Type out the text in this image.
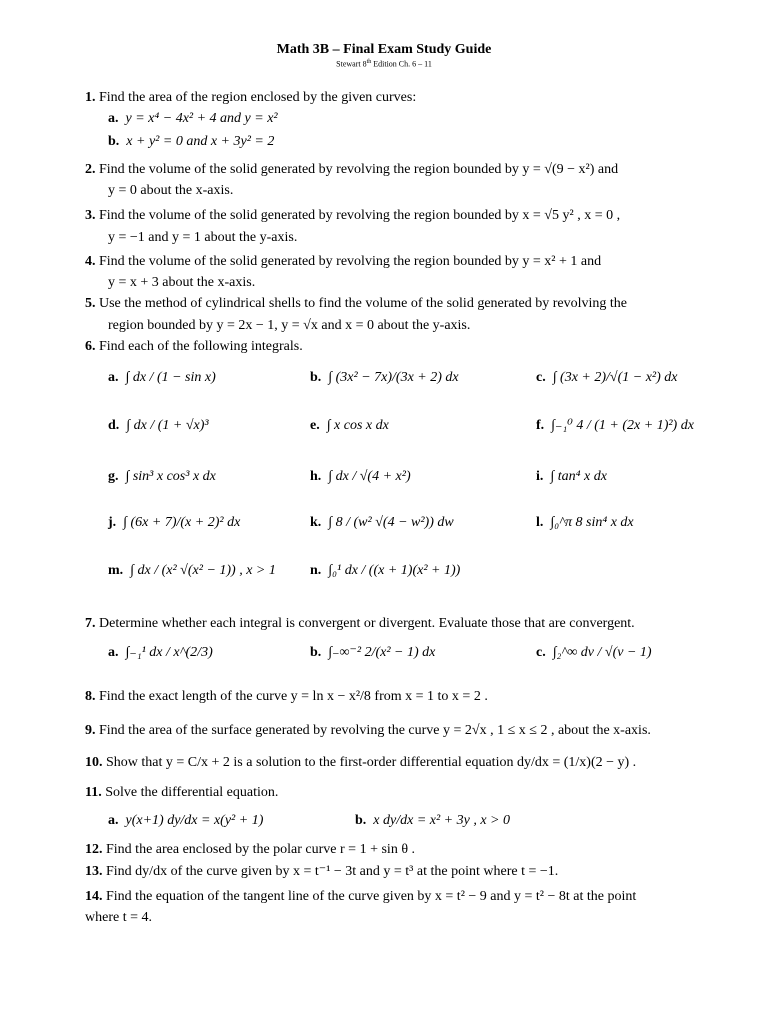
Math 3B – Final Exam Study Guide
Stewart 8th Edition Ch. 6 – 11
1. Find the area of the region enclosed by the given curves:
a. y = x⁴ − 4x² + 4 and y = x²
b. x + y² = 0 and x + 3y² = 2
2. Find the volume of the solid generated by revolving the region bounded by y = √(9 − x²) and
y = 0 about the x-axis.
3. Find the volume of the solid generated by revolving the region bounded by x = √5 y² , x = 0 ,
y = −1 and y = 1 about the y-axis.
4. Find the volume of the solid generated by revolving the region bounded by y = x² + 1 and
y = x + 3 about the x-axis.
5. Use the method of cylindrical shells to find the volume of the solid generated by revolving the
region bounded by y = 2x − 1, y = √x and x = 0 about the y-axis.
6. Find each of the following integrals.
a. ∫ dx / (1 − sin x)	b. ∫ (3x² − 7x)/(3x + 2) dx	c. ∫ (3x + 2)/√(1 − x²) dx
d. ∫ dx / (1 + √x)³	e. ∫ x cos x dx	f. ∫₋₁⁰ 4 / (1 + (2x + 1)²) dx
g. ∫ sin³ x cos³ x dx	h. ∫ dx / √(4 + x²)	i. ∫ tan⁴ x dx
j. ∫ (6x + 7)/(x + 2)² dx	k. ∫ 8 / (w² √(4 − w²)) dw	l. ∫₀^π 8 sin⁴ x dx
m. ∫ dx / (x² √(x² − 1)) , x > 1 n. ∫₀¹ dx / ((x + 1)(x² + 1))
7. Determine whether each integral is convergent or divergent. Evaluate those that are convergent.
a. ∫₋₁¹ dx / x^(2/3)	b. ∫₋∞⁻² 2/(x² − 1) dx	c. ∫₂^∞ dv / √(v − 1)
8. Find the exact length of the curve y = ln x − x²/8 from x = 1 to x = 2 .
9. Find the area of the surface generated by revolving the curve y = 2√x , 1 ≤ x ≤ 2 , about the x-axis.
10. Show that y = C/x + 2 is a solution to the first-order differential equation dy/dx = (1/x)(2 − y) .
11. Solve the differential equation.
a. y(x+1) dy/dx = x(y² + 1)	b. x dy/dx = x² + 3y , x > 0
12. Find the area enclosed by the polar curve r = 1 + sin θ .
13. Find dy/dx of the curve given by x = t⁻¹ − 3t and y = t³ at the point where t = −1.
14. Find the equation of the tangent line of the curve given by x = t² − 9 and y = t² − 8t at the point
where t = 4.
